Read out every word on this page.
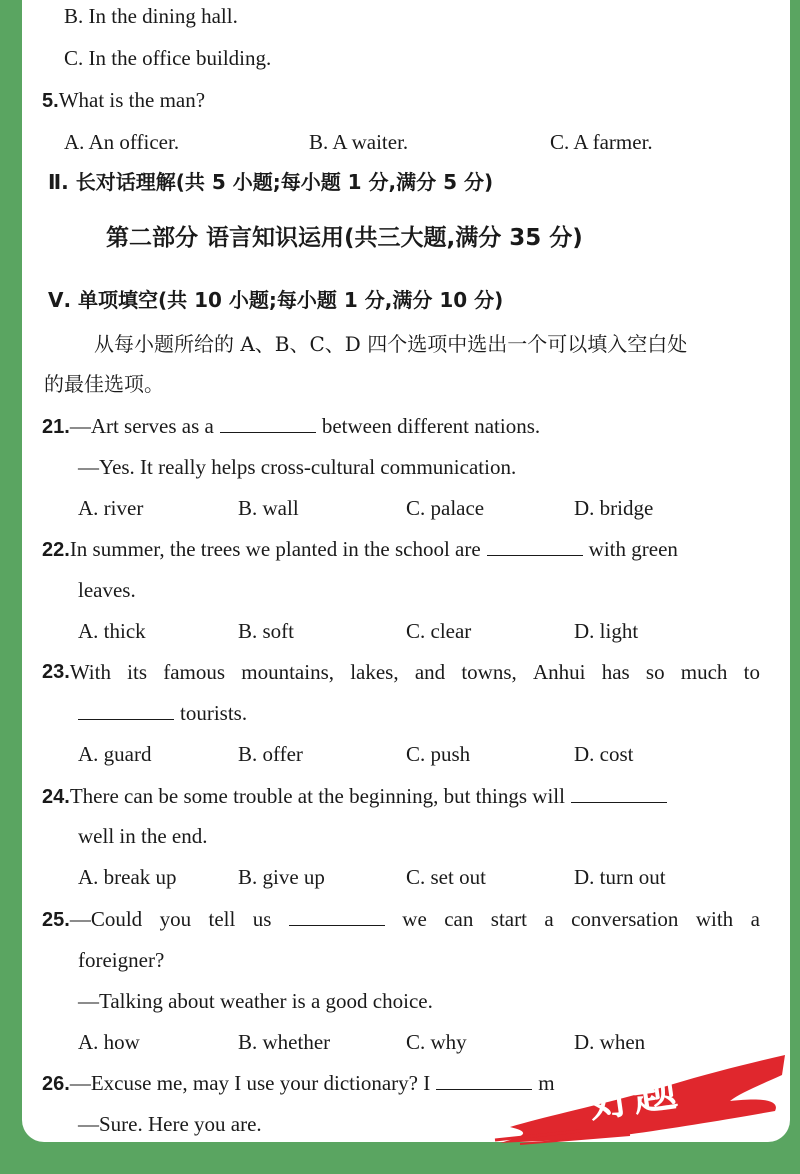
B. In the dining hall.
C. In the office building.
5.What is the man?
A. An officer.	B. A waiter.	C. A farmer.
Ⅱ. 长对话理解(共 5 小题;每小题 1 分,满分 5 分)
第二部分 语言知识运用(共三大题,满分 35 分)
Ⅴ. 单项填空(共 10 小题;每小题 1 分,满分 10 分)
从每小题所给的 A、B、C、D 四个选项中选出一个可以填入空白处
的最佳选项。
21.—Art serves as a	between different nations.
—Yes. It really helps cross-cultural communication.
A. river	B. wall	C. palace	D. bridge
22.In summer, the trees we planted in the school are	with green
leaves.
A. thick	B. soft	C. clear	D. light
23. With its famous mountains, lakes, and towns, Anhui has so much to
tourists.
A. guard	B. offer	C. push	D. cost
24.There can be some trouble at the beginning, but things will
well in the end.
A. break up	B. give up	C. set out	D. turn out
25. —Could you tell us	we can start a conversation with a
foreigner?
—Talking about weather is a good choice.
A. how	B. whether	C. why	D. when
26.—Excuse me, may I use your dictionary? I	m
—Sure. Here you are.	好题
